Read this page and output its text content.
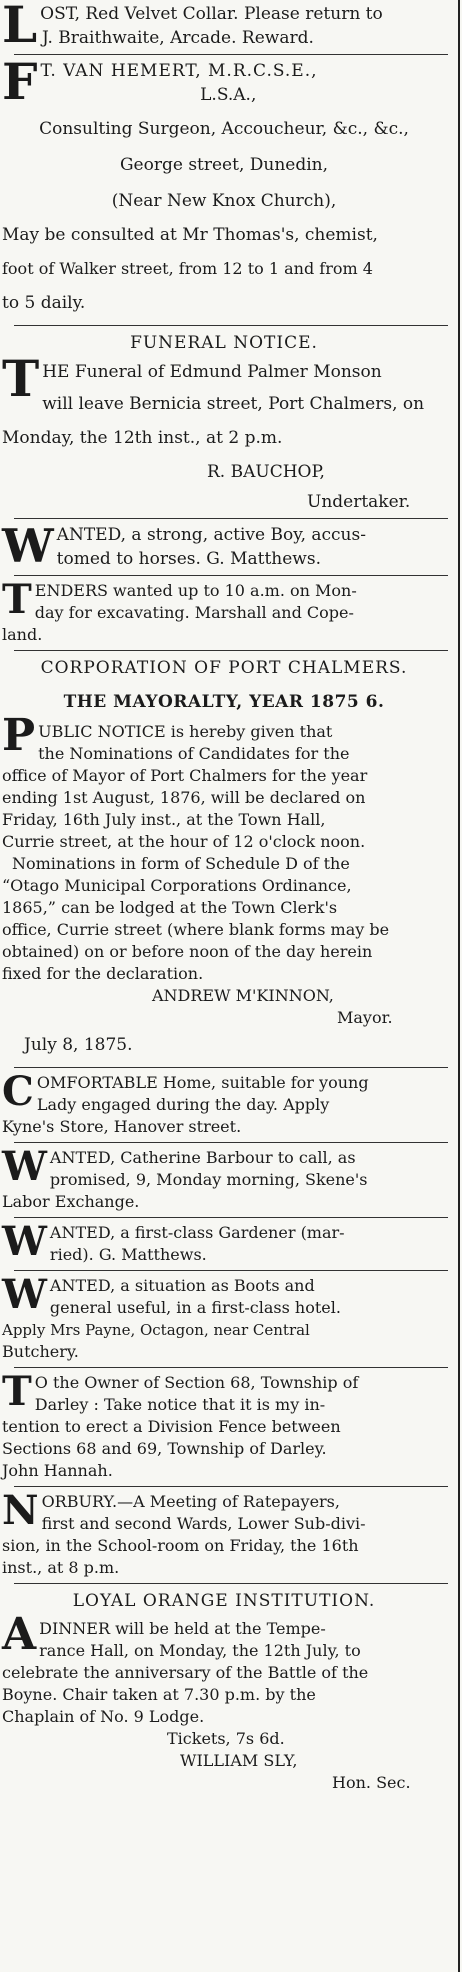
L OST, Red Velvet Collar. Please return to

J. Braithwaite, Arcade. Reward.

F T. VAN HEMERT, M.R.C.S.E.,

L.S.A.,

Consulting Surgeon, Accoucheur, &c., &c.,

George street, Dunedin,

(Near New Knox Church),

May be consulted at Mr Thomas's, chemist,

foot of Walker street, from 12 to 1 and from 4

to 5 daily.

FUNERAL NOTICE.

T HE Funeral of Edmund Palmer Monson

will leave Bernicia street, Port Chalmers, on

Monday, the 12th inst., at 2 p.m.

R. BAUCHOP,

Undertaker.

W ANTED, a strong, active Boy, accus-

tomed to horses. G. Matthews.

T ENDERS wanted up to 10 a.m. on Mon-

day for excavating. Marshall and Cope-

land.

CORPORATION OF PORT CHALMERS.

THE MAYORALTY, YEAR 1875 6.

P UBLIC NOTICE is hereby given that

the Nominations of Candidates for the

office of Mayor of Port Chalmers for the year

ending 1st August, 1876, will be declared on

Friday, 16th July inst., at the Town Hall,

Currie street, at the hour of 12 o'clock noon.

Nominations in form of Schedule D of the

“Otago Municipal Corporations Ordinance,

1865,” can be lodged at the Town Clerk's

office, Currie street (where blank forms may be

obtained) on or before noon of the day herein

fixed for the declaration.

ANDREW M'KINNON,

Mayor.

July 8, 1875.

C OMFORTABLE Home, suitable for young

Lady engaged during the day. Apply

Kyne's Store, Hanover street.

W ANTED, Catherine Barbour to call, as

promised, 9, Monday morning, Skene's

Labor Exchange.

W ANTED, a first-class Gardener (mar-

ried). G. Matthews.

W ANTED, a situation as Boots and

general useful, in a first-class hotel.

Apply Mrs Payne, Octagon, near Central

Butchery.

T O the Owner of Section 68, Township of

Darley : Take notice that it is my in-

tention to erect a Division Fence between

Sections 68 and 69, Township of Darley.

John Hannah.

N ORBURY.—A Meeting of Ratepayers,

first and second Wards, Lower Sub-divi-

sion, in the School-room on Friday, the 16th

inst., at 8 p.m.

LOYAL ORANGE INSTITUTION.

A DINNER will be held at the Tempe-

rance Hall, on Monday, the 12th July, to

celebrate the anniversary of the Battle of the

Boyne. Chair taken at 7.30 p.m. by the

Chaplain of No. 9 Lodge.

Tickets, 7s 6d.

WILLIAM SLY,

Hon. Sec.
